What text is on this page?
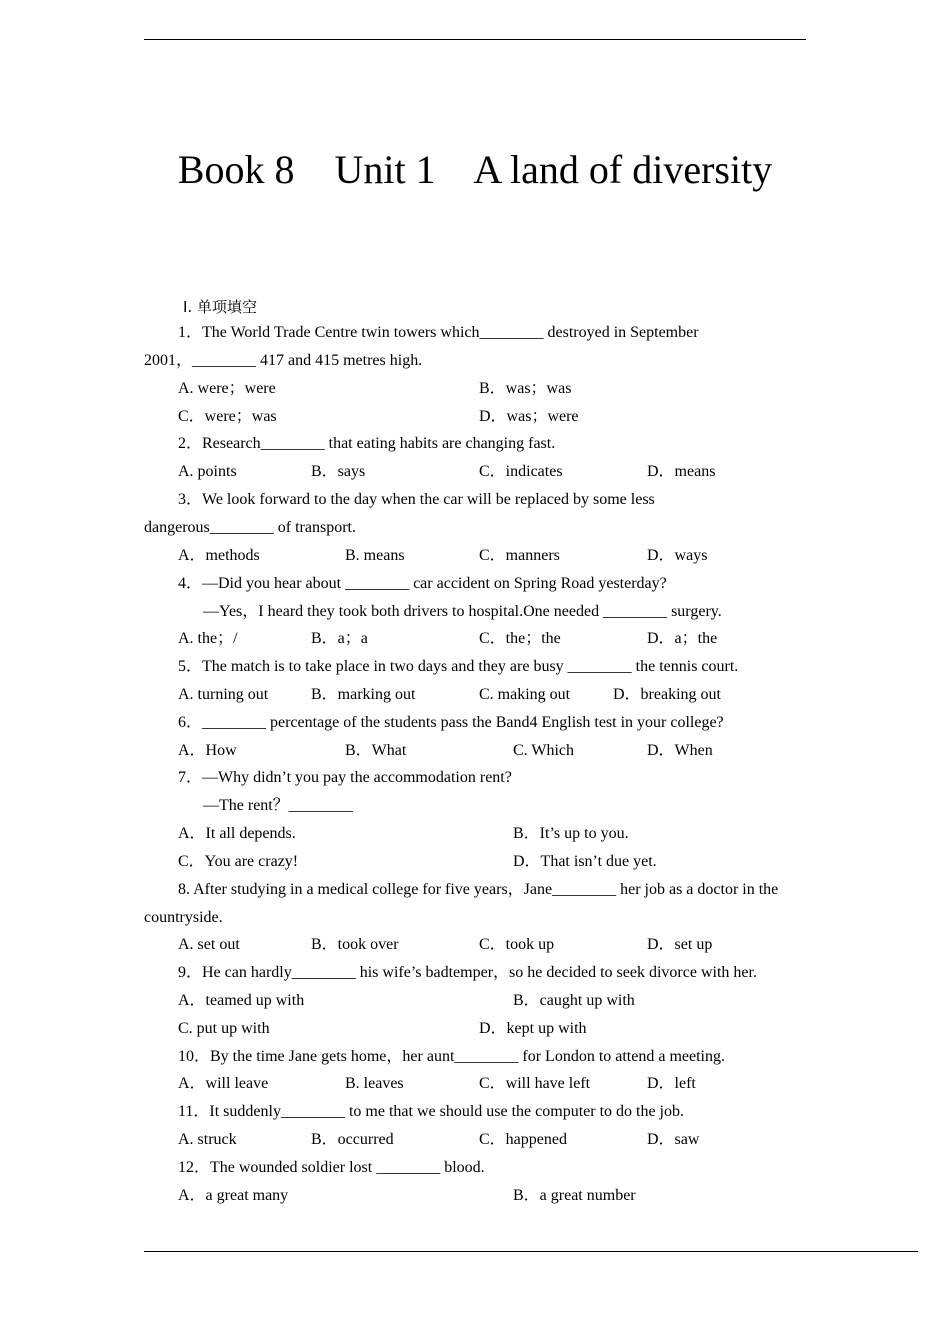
Book 8    Unit 1    A land of diversity
Ⅰ. 单项填空
1．The World Trade Centre twin towers which________ destroyed in September
2001，________ 417 and 415 metres high.
A. were；were	B．was；was
C．were；was	D．was；were
2．Research________ that eating habits are changing fast.
A. points	B．says	C．indicates	D．means
3．We look forward to the day when the car will be replaced by some less
dangerous________ of transport.
A．methods	B. means	C．manners	D．ways
4．—Did you hear about ________ car accident on Spring Road yesterday?
—Yes，I heard they took both drivers to hospital.One needed ________ surgery.
A. the；/	B．a；a	C．the；the	D．a；the
5．The match is to take place in two days and they are busy ________ the tennis court.
A. turning out	B．marking out	C. making out	D．breaking out
6．________ percentage of the students pass the Band4 English test in your college?
A．How	B．What	C. Which	D．When
7．—Why didn’t you pay the accommodation rent?
—The rent？________
A．It all depends.	B．It’s up to you.
C．You are crazy!	D．That isn’t due yet.
8. After studying in a medical college for five years，Jane________ her job as a doctor in the
countryside.
A. set out	B．took over	C．took up	D．set up
9．He can hardly________ his wife’s badtemper，so he decided to seek divorce with her.
A．teamed up with	B．caught up with
C. put up with	D．kept up with
10．By the time Jane gets home，her aunt________ for London to attend a meeting.
A．will leave	B. leaves	C．will have left	D．left
11．It suddenly________ to me that we should use the computer to do the job.
A. struck	B．occurred	C．happened	D．saw
12．The wounded soldier lost ________ blood.
A．a great many	B．a great number
